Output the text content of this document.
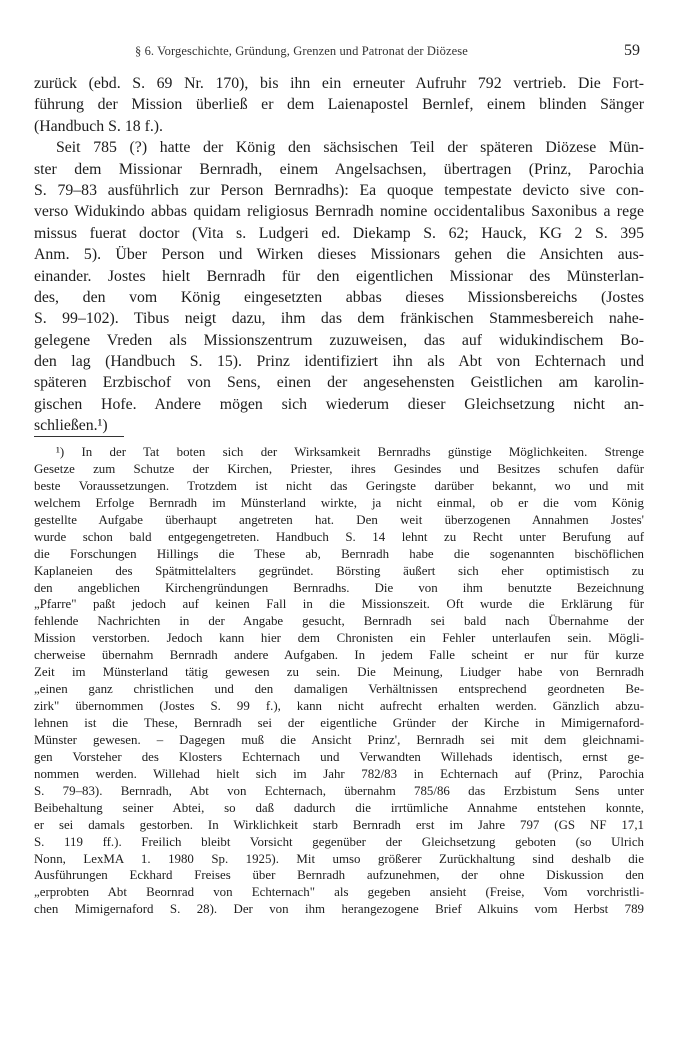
§ 6. Vorgeschichte, Gründung, Grenzen und Patronat der Diözese	59
zurück (ebd. S. 69 Nr. 170), bis ihn ein erneuter Aufruhr 792 vertrieb. Die Fort-
führung der Mission überließ er dem Laienapostel Bernlef, einem blinden Sänger
(Handbuch S. 18 f.).
Seit 785 (?) hatte der König den sächsischen Teil der späteren Diözese Mün-
ster dem Missionar Bernradh, einem Angelsachsen, übertragen (Prinz, Parochia
S. 79–83 ausführlich zur Person Bernradhs): Ea quoque tempestate devicto sive con-
verso Widukindo abbas quidam religiosus Bernradh nomine occidentalibus Saxonibus a rege
missus fuerat doctor (Vita s. Ludgeri ed. Diekamp S. 62; Hauck, KG 2 S. 395
Anm. 5). Über Person und Wirken dieses Missionars gehen die Ansichten aus-
einander. Jostes hielt Bernradh für den eigentlichen Missionar des Münsterlan-
des, den vom König eingesetzten abbas dieses Missionsbereichs (Jostes
S. 99–102). Tibus neigt dazu, ihm das dem fränkischen Stammesbereich nahe-
gelegene Vreden als Missionszentrum zuzuweisen, das auf widukindischem Bo-
den lag (Handbuch S. 15). Prinz identifiziert ihn als Abt von Echternach und
späteren Erzbischof von Sens, einen der angesehensten Geistlichen am karolin-
gischen Hofe. Andere mögen sich wiederum dieser Gleichsetzung nicht an-
schließen.¹)
¹) In der Tat boten sich der Wirksamkeit Bernradhs günstige Möglichkeiten. Strenge
Gesetze zum Schutze der Kirchen, Priester, ihres Gesindes und Besitzes schufen dafür
beste Voraussetzungen. Trotzdem ist nicht das Geringste darüber bekannt, wo und mit
welchem Erfolge Bernradh im Münsterland wirkte, ja nicht einmal, ob er die vom König
gestellte Aufgabe überhaupt angetreten hat. Den weit überzogenen Annahmen Jostes'
wurde schon bald entgegengetreten. Handbuch S. 14 lehnt zu Recht unter Berufung auf
die Forschungen Hillings die These ab, Bernradh habe die sogenannten bischöflichen
Kaplaneien des Spätmittelalters gegründet. Börsting äußert sich eher optimistisch zu
den angeblichen Kirchengründungen Bernradhs. Die von ihm benutzte Bezeichnung
„Pfarre" paßt jedoch auf keinen Fall in die Missionszeit. Oft wurde die Erklärung für
fehlende Nachrichten in der Angabe gesucht, Bernradh sei bald nach Übernahme der
Mission verstorben. Jedoch kann hier dem Chronisten ein Fehler unterlaufen sein. Mögli-
cherweise übernahm Bernradh andere Aufgaben. In jedem Falle scheint er nur für kurze
Zeit im Münsterland tätig gewesen zu sein. Die Meinung, Liudger habe von Bernradh
„einen ganz christlichen und den damaligen Verhältnissen entsprechend geordneten Be-
zirk" übernommen (Jostes S. 99 f.), kann nicht aufrecht erhalten werden. Gänzlich abzu-
lehnen ist die These, Bernradh sei der eigentliche Gründer der Kirche in Mimigernaford-
Münster gewesen. – Dagegen muß die Ansicht Prinz', Bernradh sei mit dem gleichnami-
gen Vorsteher des Klosters Echternach und Verwandten Willehads identisch, ernst ge-
nommen werden. Willehad hielt sich im Jahr 782/83 in Echternach auf (Prinz, Parochia
S. 79–83). Bernradh, Abt von Echternach, übernahm 785/86 das Erzbistum Sens unter
Beibehaltung seiner Abtei, so daß dadurch die irrtümliche Annahme entstehen konnte,
er sei damals gestorben. In Wirklichkeit starb Bernradh erst im Jahre 797 (GS NF 17,1
S. 119 ff.). Freilich bleibt Vorsicht gegenüber der Gleichsetzung geboten (so Ulrich
Nonn, LexMA 1. 1980 Sp. 1925). Mit umso größerer Zurückhaltung sind deshalb die
Ausführungen Eckhard Freises über Bernradh aufzunehmen, der ohne Diskussion den
„erprobten Abt Beornrad von Echternach" als gegeben ansieht (Freise, Vom vorchristli-
chen Mimigernaford S. 28). Der von ihm herangezogene Brief Alkuins vom Herbst 789
